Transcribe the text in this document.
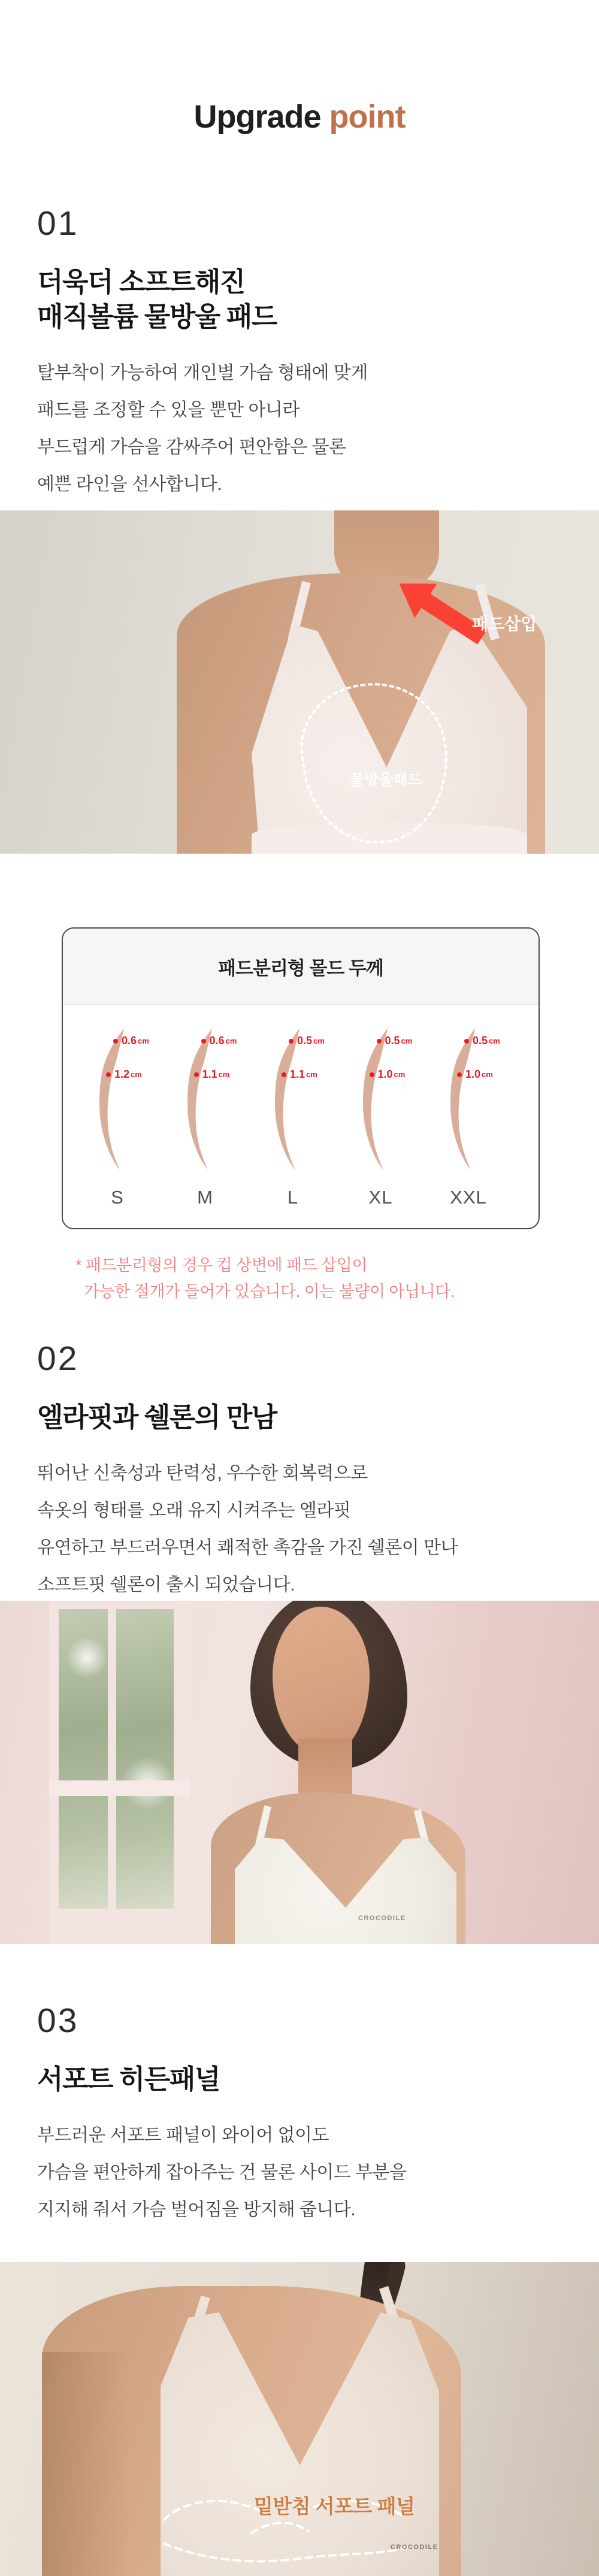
Upgrade point
01
더욱더 소프트해진
매직볼륨 물방울 패드

탈부착이 가능하여 개인별 가슴 형태에 맞게
패드를 조정할 수 있을 뿐만 아니라
부드럽게 가슴을 감싸주어 편안함은 물론
예쁜 라인을 선사합니다.

패드삽입
물방울패드
패드분리형 몰드 두께
0.6 cm
1.2 cm
S
0.6 cm
1.1 cm
M
0.5 cm
1.1 cm
L
0.5 cm
1.0 cm
XL
0.5 cm
1.0 cm
XXL
* 패드분리형의 경우 컵 상변에 패드 삽입이
가능한 절개가 들어가 있습니다. 이는 불량이 아닙니다.
02
엘라핏과 쉘론의 만남

뛰어난 신축성과 탄력성, 우수한 회복력으로
속옷의 형태를 오래 유지 시켜주는 엘라핏
유연하고 부드러우면서 쾌적한 촉감을 가진 쉘론이 만나
소프트핏 쉘론이 출시 되었습니다.

CROCODILE
03
서포트 히든패널

부드러운 서포트 패널이 와이어 없이도
가슴을 편안하게 잡아주는 건 물론 사이드 부분을
지지해 줘서 가슴 벌어짐을 방지해 줍니다.

밑받침 서포트 패널
CROCODILE
